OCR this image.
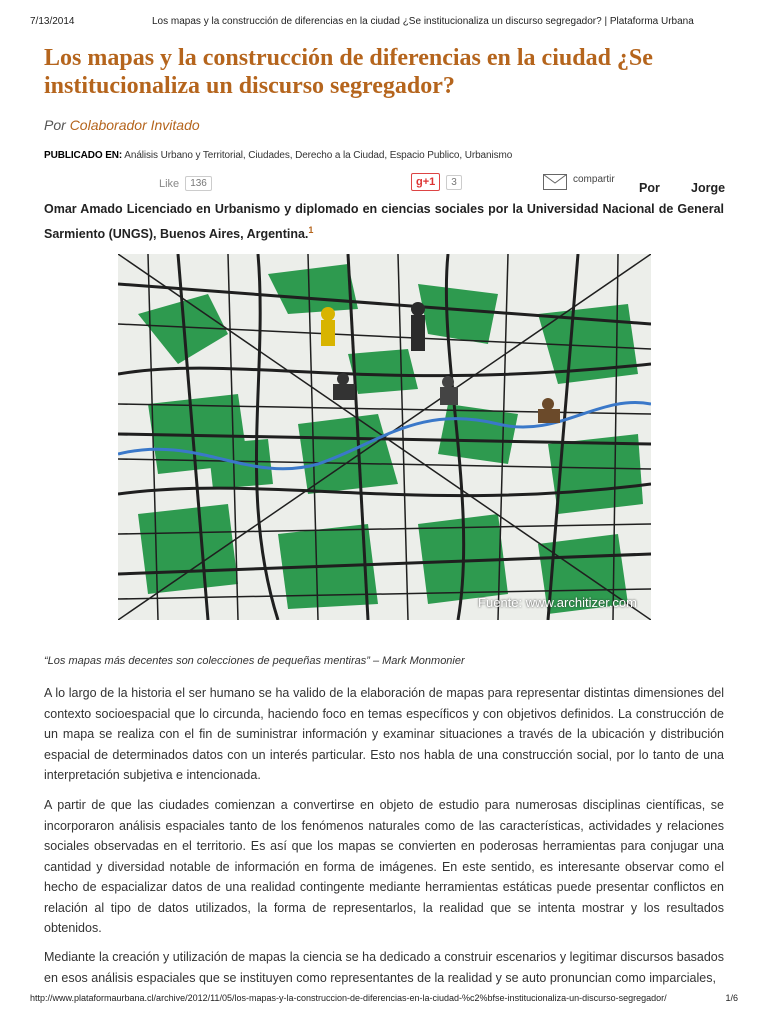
7/13/2014	Los mapas y la construcción de diferencias en la ciudad ¿Se institucionaliza un discurso segregador? | Plataforma Urbana
Los mapas y la construcción de diferencias en la ciudad ¿Se institucionaliza un discurso segregador?
Por Colaborador Invitado
PUBLICADO EN: Análisis Urbano y Territorial, Ciudades, Derecho a la Ciudad, Espacio Publico, Urbanismo
Like	136	g+1	3	compartir
Por Jorge

Omar Amado Licenciado en Urbanismo y diplomado en ciencias sociales por la Universidad Nacional de General Sarmiento (UNGS), Buenos Aires, Argentina.$^1$

Fuente: www.architizer.com
“Los mapas más decentes son colecciones de pequeñas mentiras” – Mark Monmonier

A lo largo de la historia el ser humano se ha valido de la elaboración de mapas para representar distintas dimensiones del contexto socioespacial que lo circunda, haciendo foco en temas específicos y con objetivos definidos. La construcción de un mapa se realiza con el fin de suministrar información y examinar situaciones a través de la ubicación y distribución espacial de determinados datos con un interés particular. Esto nos habla de una construcción social, por lo tanto de una interpretación subjetiva e intencionada.

A partir de que las ciudades comienzan a convertirse en objeto de estudio para numerosas disciplinas científicas, se incorporaron análisis espaciales tanto de los fenómenos naturales como de las características, actividades y relaciones sociales observadas en el territorio. Es así que los mapas se convierten en poderosas herramientas para conjugar una cantidad y diversidad notable de información en forma de imágenes. En este sentido, es interesante observar como el hecho de espacializar datos de una realidad contingente mediante herramientas estáticas puede presentar conflictos en relación al tipo de datos utilizados, la forma de representarlos, la realidad que se intenta mostrar y los resultados obtenidos.

Mediante la creación y utilización de mapas la ciencia se ha dedicado a construir escenarios y legitimar discursos basados en esos análisis espaciales que se instituyen como representantes de la realidad y se auto pronuncian como imparciales,

http://www.plataformaurbana.cl/archive/2012/11/05/los-mapas-y-la-construccion-de-diferencias-en-la-ciudad-%c2%bfse-institucionaliza-un-discurso-segregador/	1/6
